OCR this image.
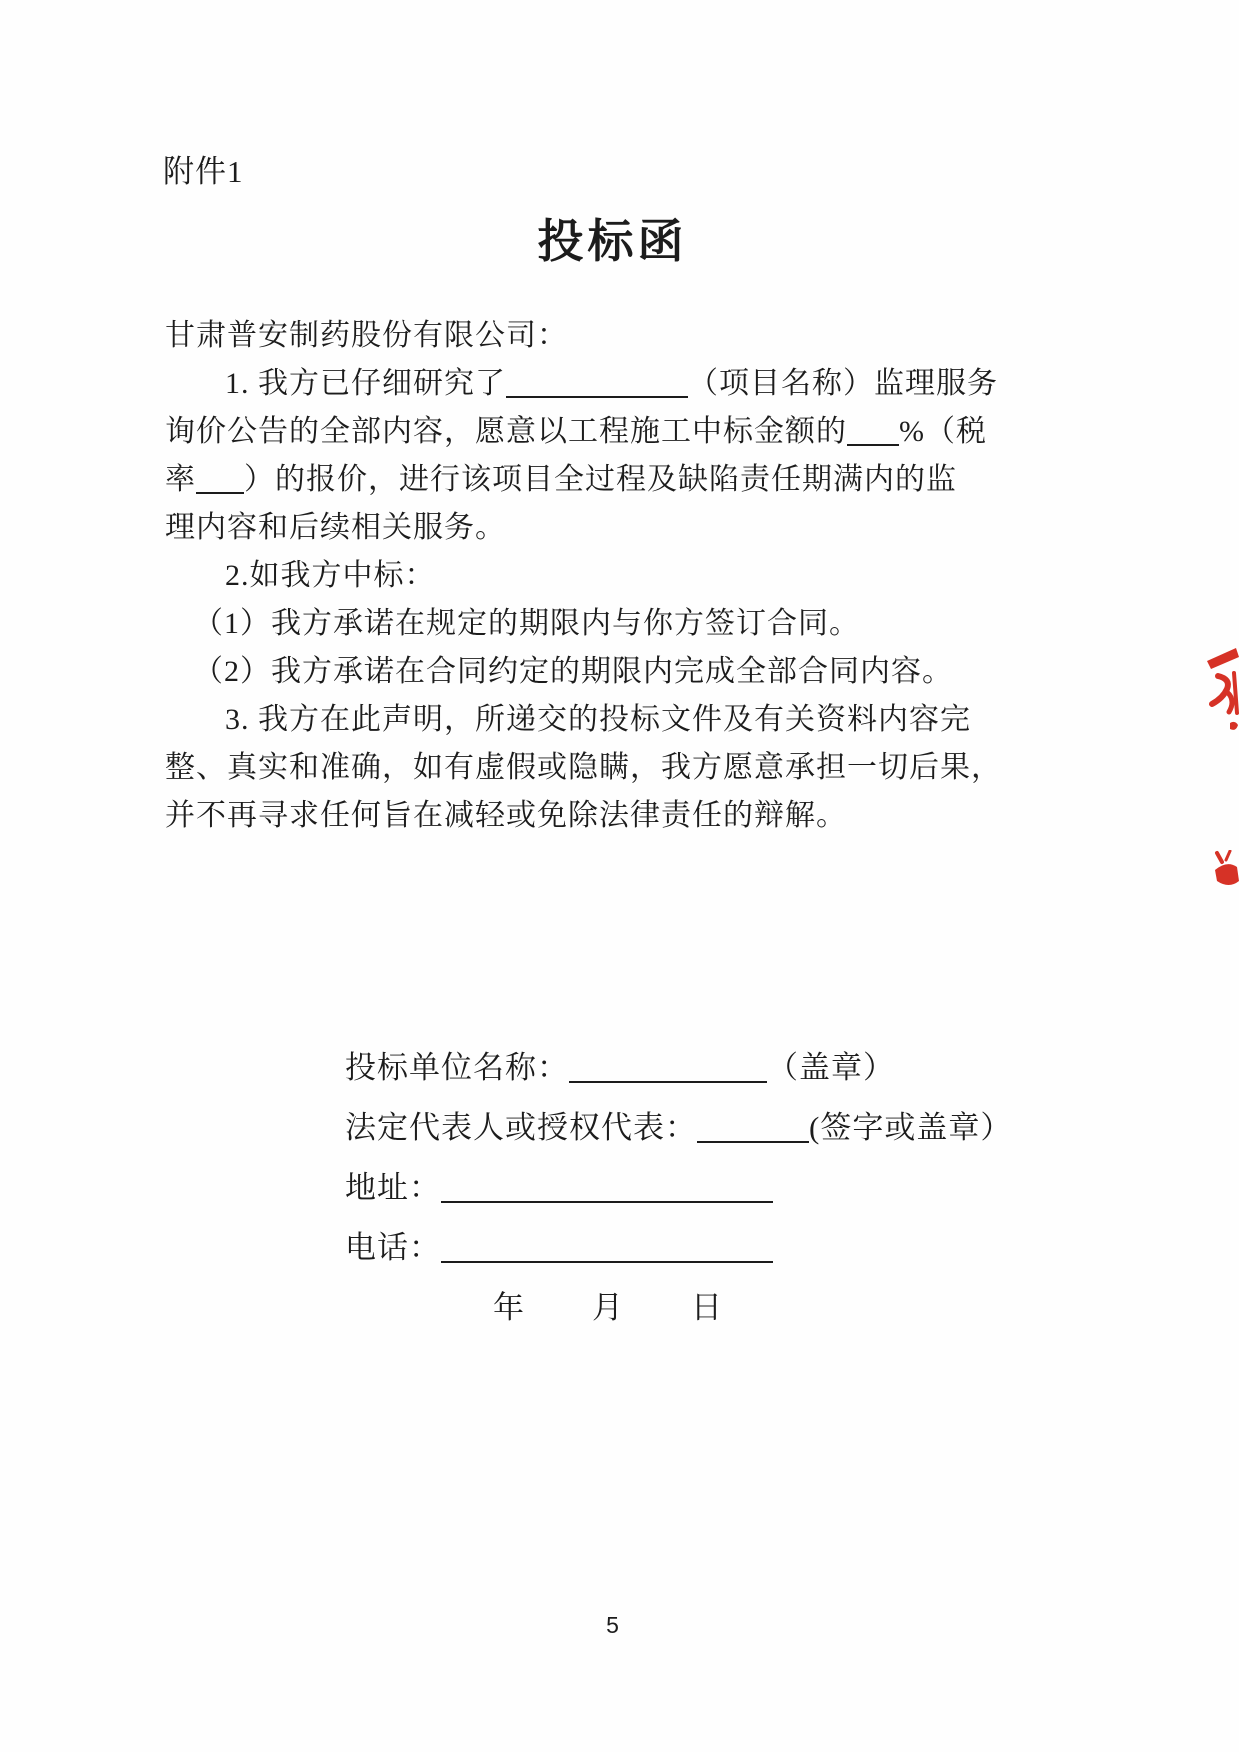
附件1
投标函
甘肃普安制药股份有限公司：
1. 我方已仔细研究了	（项目名称）监理服务
询价公告的全部内容，愿意以工程施工中标金额的 %（税
率 ）的报价，进行该项目全过程及缺陷责任期满内的监
理内容和后续相关服务。
2.如我方中标：
（1）我方承诺在规定的期限内与你方签订合同。
（2）我方承诺在合同约定的期限内完成全部合同内容。
3. 我方在此声明，所递交的投标文件及有关资料内容完
整、真实和准确，如有虚假或隐瞒，我方愿意承担一切后果，
并不再寻求任何旨在减轻或免除法律责任的辩解。
投标单位名称：	（盖章）
法定代表人或授权代表：	(签字或盖章）
地址：
电话：
年　　月　　日
5
